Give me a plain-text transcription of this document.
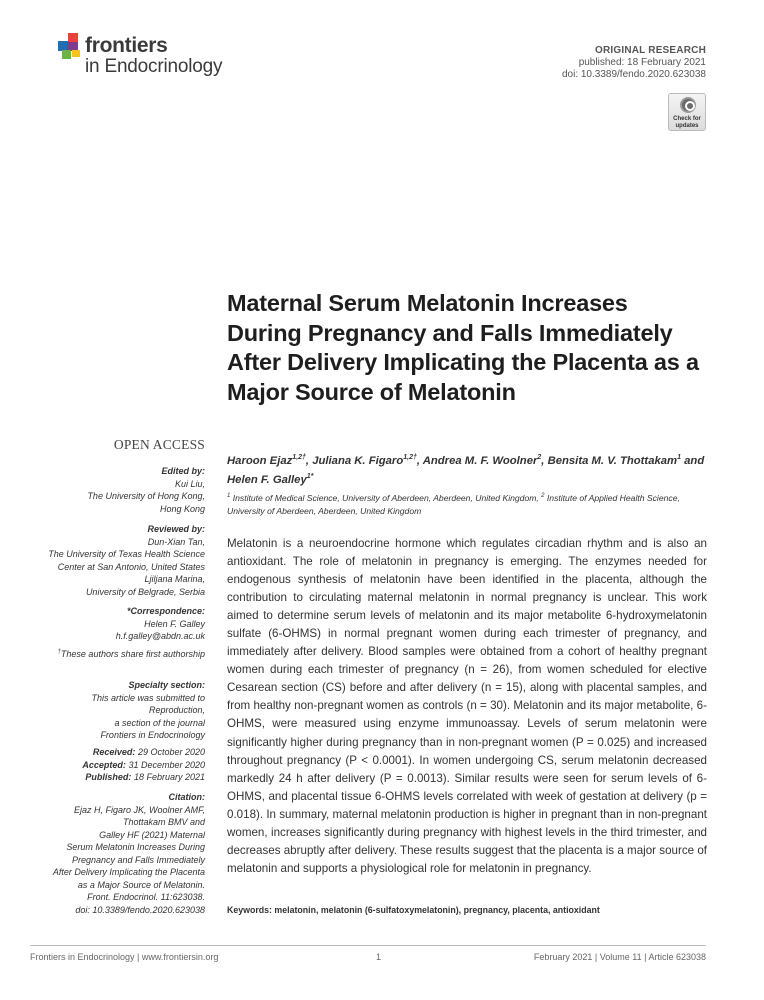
frontiers
in Endocrinology
ORIGINAL RESEARCH
published: 18 February 2021
doi: 10.3389/fendo.2020.623038
Check for
updates
Maternal Serum Melatonin Increases During Pregnancy and Falls Immediately After Delivery Implicating the Placenta as a Major Source of Melatonin
OPEN ACCESS
Edited by:
Kui Liu,
The University of Hong Kong,
Hong Kong
Reviewed by:
Dun-Xian Tan,
The University of Texas Health Science
Center at San Antonio, United States
Ljiljana Marina,
University of Belgrade, Serbia
*Correspondence:
Helen F. Galley
h.f.galley@abdn.ac.uk
†These authors share first authorship
Specialty section:
This article was submitted to
Reproduction,
a section of the journal
Frontiers in Endocrinology
Received: 29 October 2020
Accepted: 31 December 2020
Published: 18 February 2021
Citation:
Ejaz H, Figaro JK, Woolner AMF,
Thottakam BMV and
Galley HF (2021) Maternal
Serum Melatonin Increases During
Pregnancy and Falls Immediately
After Delivery Implicating the Placenta
as a Major Source of Melatonin.
Front. Endocrinol. 11:623038.
doi: 10.3389/fendo.2020.623038
Haroon Ejaz$^{1,2\dagger}$, Juliana K. Figaro$^{1,2\dagger}$, Andrea M. F. Woolner$^2$, Bensita M. V. Thottakam$^1$ and Helen F. Galley$^{1*}$
$^1$ Institute of Medical Science, University of Aberdeen, Aberdeen, United Kingdom, $^2$ Institute of Applied Health Science, University of Aberdeen, Aberdeen, United Kingdom
Melatonin is a neuroendocrine hormone which regulates circadian rhythm and is also an antioxidant. The role of melatonin in pregnancy is emerging. The enzymes needed for endogenous synthesis of melatonin have been identified in the placenta, although the contribution to circulating maternal melatonin in normal pregnancy is unclear. This work aimed to determine serum levels of melatonin and its major metabolite 6-hydroxymelatonin sulfate (6-OHMS) in normal pregnant women during each trimester of pregnancy, and immediately after delivery. Blood samples were obtained from a cohort of healthy pregnant women during each trimester of pregnancy (n = 26), from women scheduled for elective Cesarean section (CS) before and after delivery (n = 15), along with placental samples, and from healthy non-pregnant women as controls (n = 30). Melatonin and its major metabolite, 6-OHMS, were measured using enzyme immunoassay. Levels of serum melatonin were significantly higher during pregnancy than in non-pregnant women (P = 0.025) and increased throughout pregnancy (P < 0.0001). In women undergoing CS, serum melatonin decreased markedly 24 h after delivery (P = 0.0013). Similar results were seen for serum levels of 6-OHMS, and placental tissue 6-OHMS levels correlated with week of gestation at delivery (p = 0.018). In summary, maternal melatonin production is higher in pregnant than in non-pregnant women, increases significantly during pregnancy with highest levels in the third trimester, and decreases abruptly after delivery. These results suggest that the placenta is a major source of melatonin and supports a physiological role for melatonin in pregnancy.
Keywords: melatonin, melatonin (6-sulfatoxymelatonin), pregnancy, placenta, antioxidant
Frontiers in Endocrinology | www.frontiersin.org	1	February 2021 | Volume 11 | Article 623038
